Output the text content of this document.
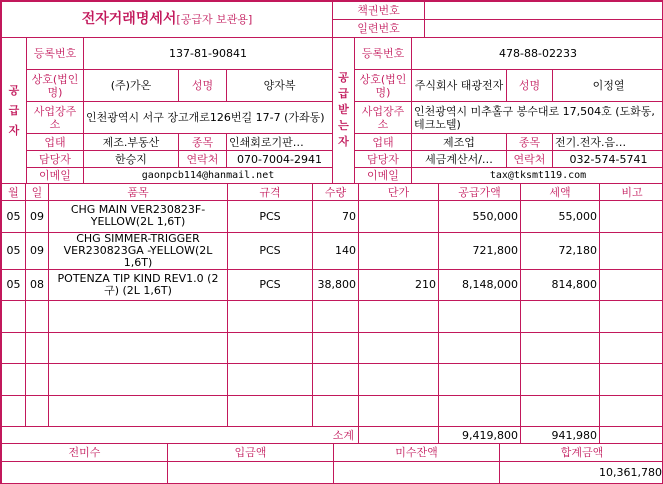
전자거래명세서[공급자 보관용]	책권번호	
	일련번호	
공급자	등록번호	137-81-90841		
	상호(법인명)	(주)가온	성명	양자복
	사업장주소	인천광역시 서구 장고개로126번길 17-7 (가좌동)		
	업태	제조.부동산	종목	인쇄회로기판…
	담당자	한승지	연락처	070-7004-2941
	이메일	gaonpcb114@hanmail.net		
공급받는자	등록번호	478-88-02233		
	상호(법인명)	주식회사 태광전자	성명	이정열
	사업장주소	인천광역시 미추홀구 봉수대로 17,504호 (도화동,테크노텔)		
	업태	제조업	종목	전기.전자.음…
	담당자	세금계산서/…	연락처	032-574-5741
	이메일	tax@tksmt119.com		
월	일	품목	규격	수량	단가	공급가액	세액	비고
05	09	CHG MAIN VER230823F-YELLOW(2L 1,6T)	PCS	70		550,000	55,000	
05	09	CHG SIMMER-TRIGGER VER230823GA -YELLOW(2L 1,6T)	PCS	140		721,800	72,180	
05	08	POTENZA TIP KIND REV1.0 (2구) (2L 1,6T)	PCS	38,800	210	8,148,000	814,800	

소계		9,419,800	941,980	
전미수	입금액	미수잔액	합계금액
			10,361,780
